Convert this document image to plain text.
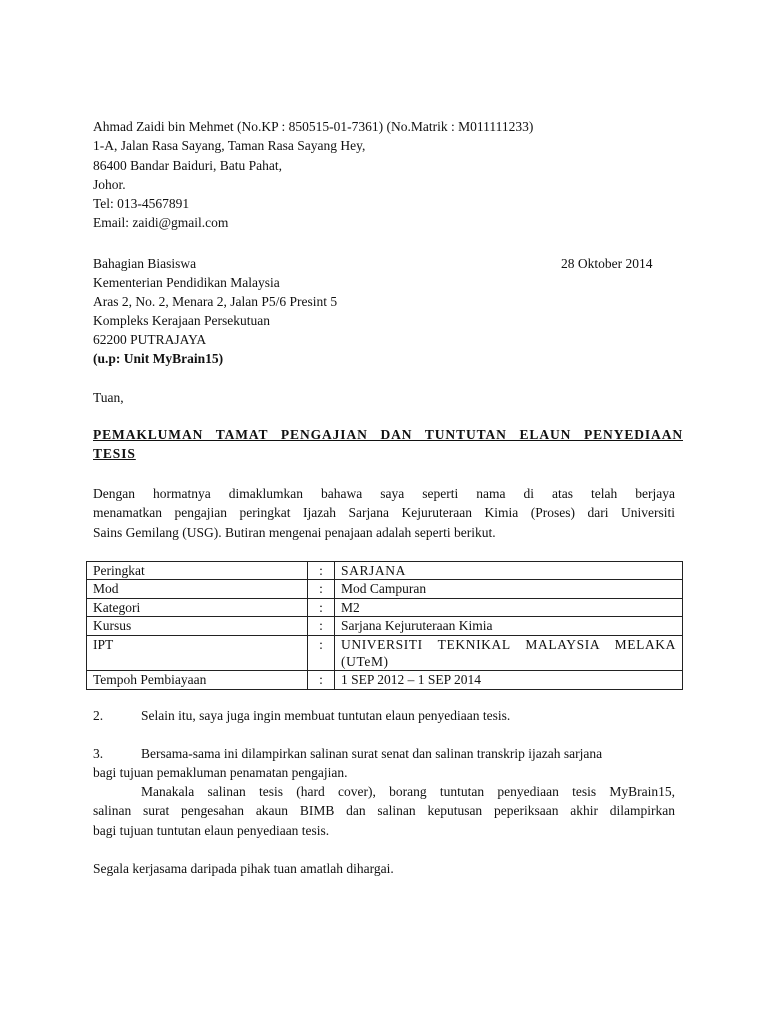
Ahmad Zaidi bin Mehmet (No.KP : 850515-01-7361) (No.Matrik : M011111233)
1-A, Jalan Rasa Sayang, Taman Rasa Sayang Hey,
86400 Bandar Baiduri, Batu Pahat,
Johor.
Tel: 013-4567891
Email: zaidi@gmail.com
Bahagian Biasiswa	28 Oktober 2014
Kementerian Pendidikan Malaysia
Aras 2, No. 2, Menara 2, Jalan P5/6 Presint 5
Kompleks Kerajaan Persekutuan
62200 PUTRAJAYA
(u.p: Unit MyBrain15)
Tuan,
PEMAKLUMAN TAMAT PENGAJIAN DAN TUNTUTAN ELAUN PENYEDIAAN
TESIS
Dengan hormatnya dimaklumkan bahawa saya seperti nama di atas telah berjaya
menamatkan pengajian peringkat Ijazah Sarjana Kejuruteraan Kimia (Proses) dari Universiti
Sains Gemilang (USG). Butiran mengenai penajaan adalah seperti berikut.
Peringkat	:	SARJANA
Mod	:	Mod Campuran
Kategori	:	M2
Kursus	:	Sarjana Kejuruteraan Kimia
IPT	:	UNIVERSITI TEKNIKAL MALAYSIA MELAKA
(UTeM)

Tempoh Pembiayaan	:	1 SEP 2012 – 1 SEP 2014
2.	Selain itu, saya juga ingin membuat tuntutan elaun penyediaan tesis.
3.	Bersama-sama ini dilampirkan salinan surat senat dan salinan transkrip ijazah sarjana
bagi tujuan pemakluman penamatan pengajian.
Manakala salinan tesis (hard cover), borang tuntutan penyediaan tesis MyBrain15,
salinan surat pengesahan akaun BIMB dan salinan keputusan peperiksaan akhir dilampirkan
bagi tujuan tuntutan elaun penyediaan tesis.
Segala kerjasama daripada pihak tuan amatlah dihargai.
